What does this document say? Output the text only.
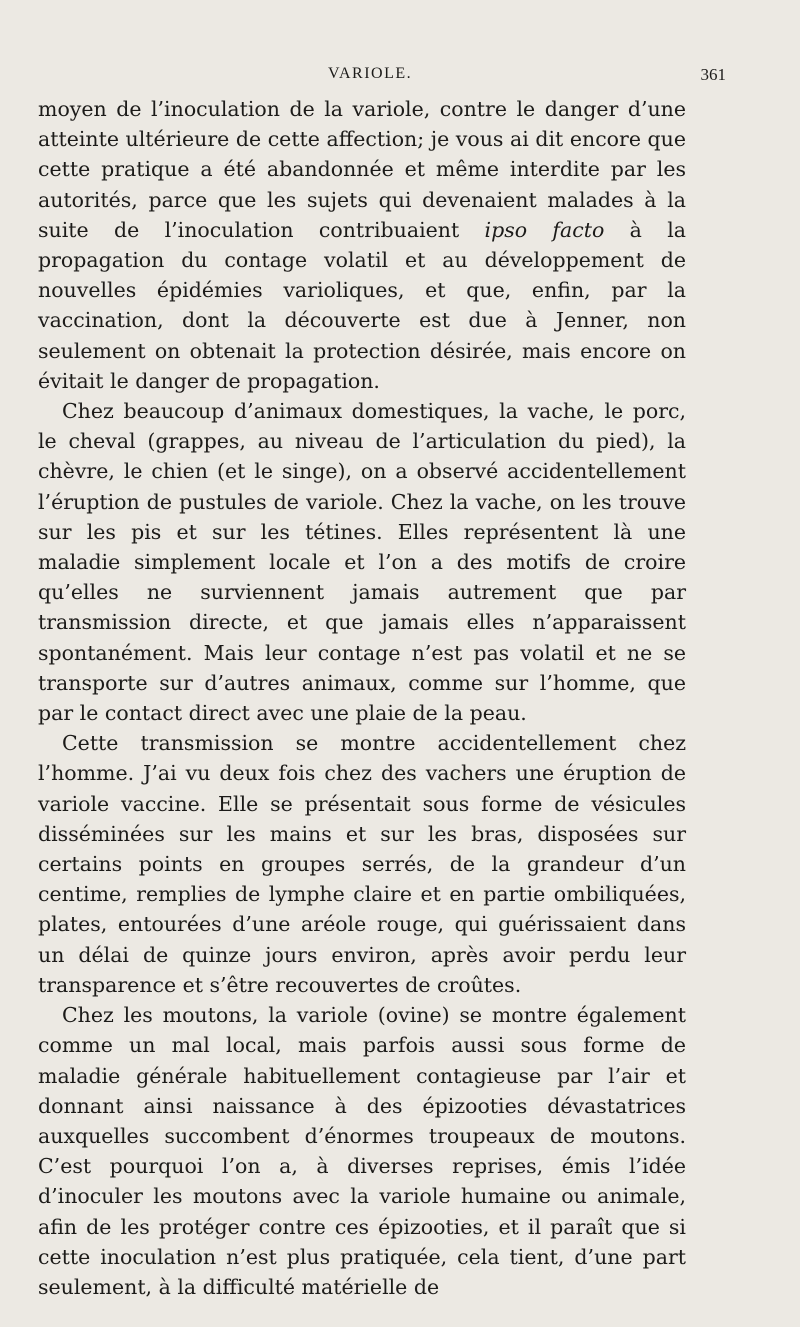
VARIOLE.	361

moyen de l’inoculation de la variole, contre le danger d’une atteinte ultérieure de cette affection; je vous ai dit encore que cette pratique a été abandonnée et même interdite par les autorités, parce que les sujets qui devenaient malades à la suite de l’inoculation contribuaient ipso facto à la propagation du contage volatil et au développement de nouvelles épidémies varioliques, et que, enfin, par la vaccination, dont la découverte est due à Jenner, non seulement on obtenait la protection désirée, mais encore on évitait le danger de propagation.

Chez beaucoup d’animaux domestiques, la vache, le porc, le cheval (grappes, au niveau de l’articulation du pied), la chèvre, le chien (et le singe), on a observé accidentellement l’éruption de pustules de variole. Chez la vache, on les trouve sur les pis et sur les tétines. Elles représentent là une maladie simplement locale et l’on a des motifs de croire qu’elles ne surviennent jamais autrement que par transmission directe, et que jamais elles n’apparaissent spontanément. Mais leur contage n’est pas volatil et ne se transporte sur d’autres animaux, comme sur l’homme, que par le contact direct avec une plaie de la peau.

Cette transmission se montre accidentellement chez l’homme. J’ai vu deux fois chez des vachers une éruption de variole vaccine. Elle se présentait sous forme de vésicules disséminées sur les mains et sur les bras, disposées sur certains points en groupes serrés, de la grandeur d’un centime, remplies de lymphe claire et en partie ombiliquées, plates, entourées d’une aréole rouge, qui guérissaient dans un délai de quinze jours environ, après avoir perdu leur transparence et s’être recouvertes de croûtes.

Chez les moutons, la variole (ovine) se montre également comme un mal local, mais parfois aussi sous forme de maladie générale habituellement contagieuse par l’air et donnant ainsi naissance à des épizooties dévastatrices auxquelles succombent d’énormes troupeaux de moutons. C’est pourquoi l’on a, à diverses reprises, émis l’idée d’inoculer les moutons avec la variole humaine ou animale, afin de les protéger contre ces épizooties, et il paraît que si cette inoculation n’est plus pratiquée, cela tient, d’une part seulement, à la difficulté matérielle de
